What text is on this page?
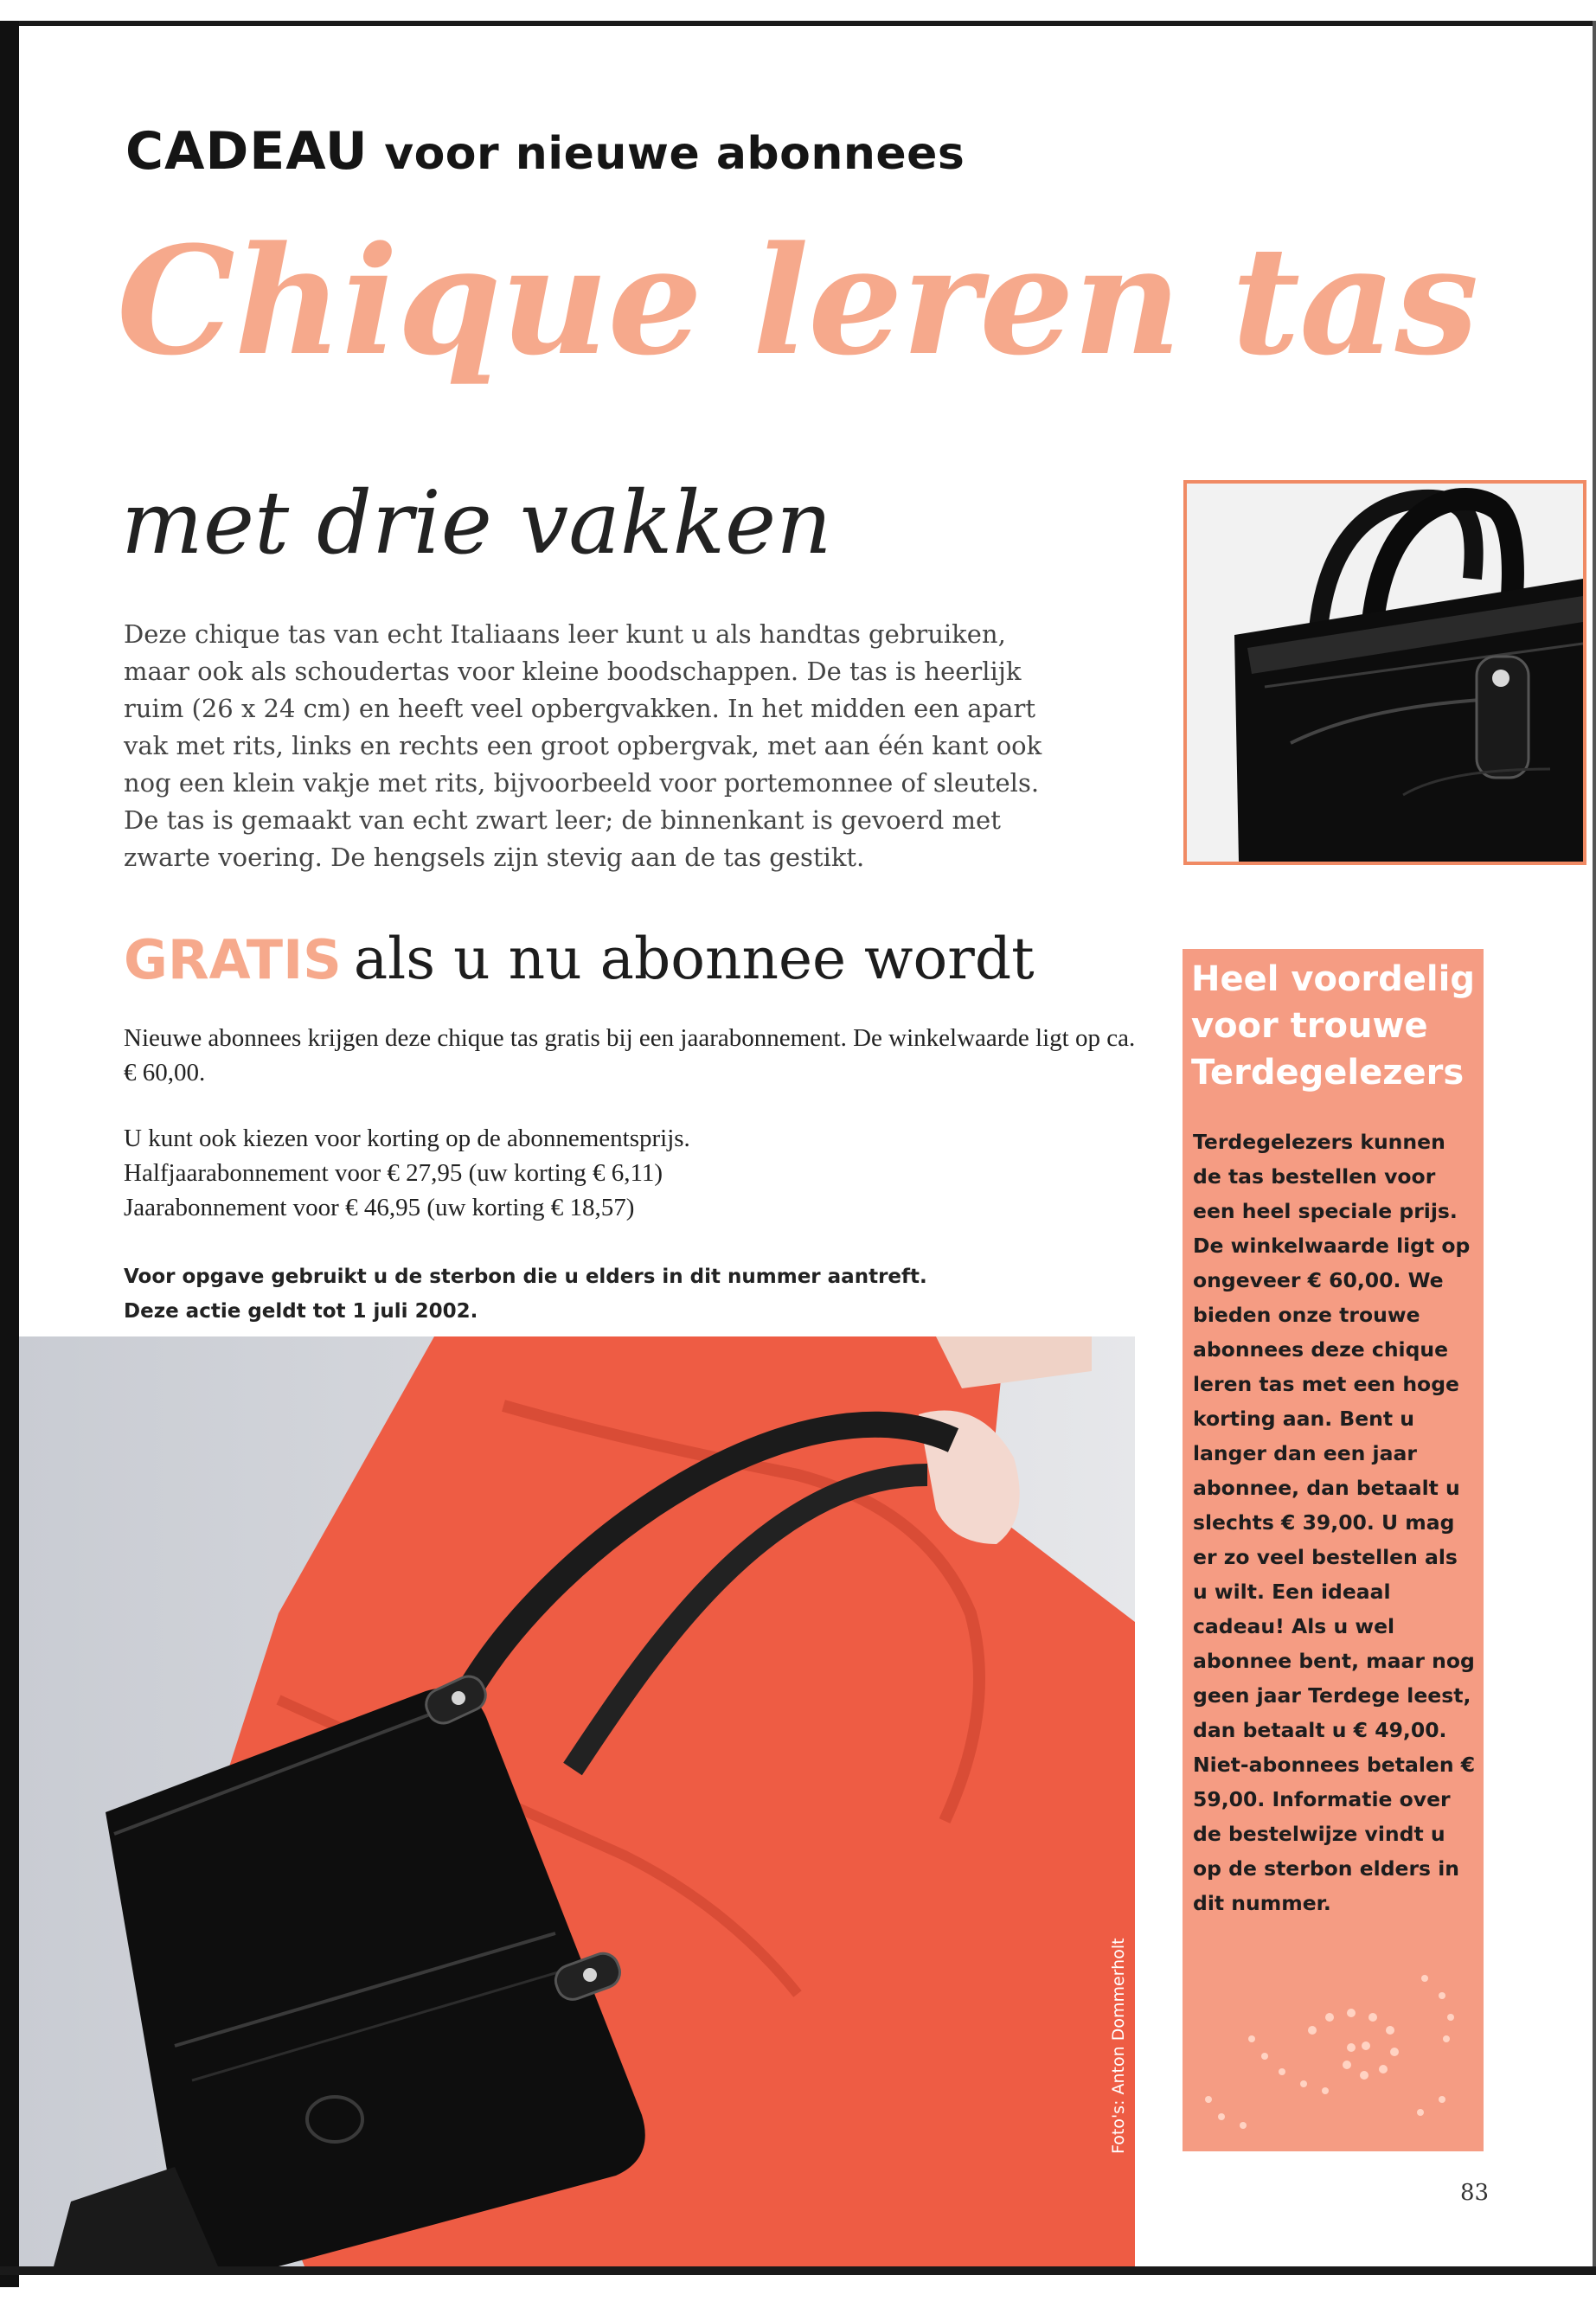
CADEAU voor nieuwe abonnees
Chique leren tas
met drie vakken

Deze chique tas van echt Italiaans leer kunt u als handtas gebruiken, maar ook als schoudertas voor kleine boodschappen. De tas is heerlijk ruim (26 x 24 cm) en heeft veel opbergvakken. In het midden een apart vak met rits, links en rechts een groot opbergvak, met aan één kant ook nog een klein vakje met rits, bijvoorbeeld voor portemonnee of sleutels. De tas is gemaakt van echt zwart leer; de binnenkant is gevoerd met zwarte voering. De hengsels zijn stevig aan de tas gestikt.

GRATIS als u nu abonnee wordt

Nieuwe abonnees krijgen deze chique tas gratis bij een jaarabonnement. De winkelwaarde ligt op ca. € 60,00.

U kunt ook kiezen voor korting op de abonnementsprijs.
Halfjaarabonnement voor € 27,95 (uw korting € 6,11)
Jaarabonnement voor € 46,95 (uw korting € 18,57)

Voor opgave gebruikt u de sterbon die u elders in dit nummer aantreft.
Deze actie geldt tot 1 juli 2002.

Heel voordelig voor trouwe Terdegelezers

Terdegelezers kunnen de tas bestellen voor een heel speciale prijs. De winkelwaarde ligt op ongeveer € 60,00. We bieden onze trouwe abonnees deze chique leren tas met een hoge korting aan. Bent u langer dan een jaar abonnee, dan betaalt u slechts € 39,00. U mag er zo veel bestellen als u wilt. Een ideaal cadeau! Als u wel abonnee bent, maar nog geen jaar Terdege leest, dan betaalt u € 49,00. Niet-abonnees betalen € 59,00. Informatie over de bestelwijze vindt u op de sterbon elders in dit nummer.

Foto's: Anton Dommerholt

83
